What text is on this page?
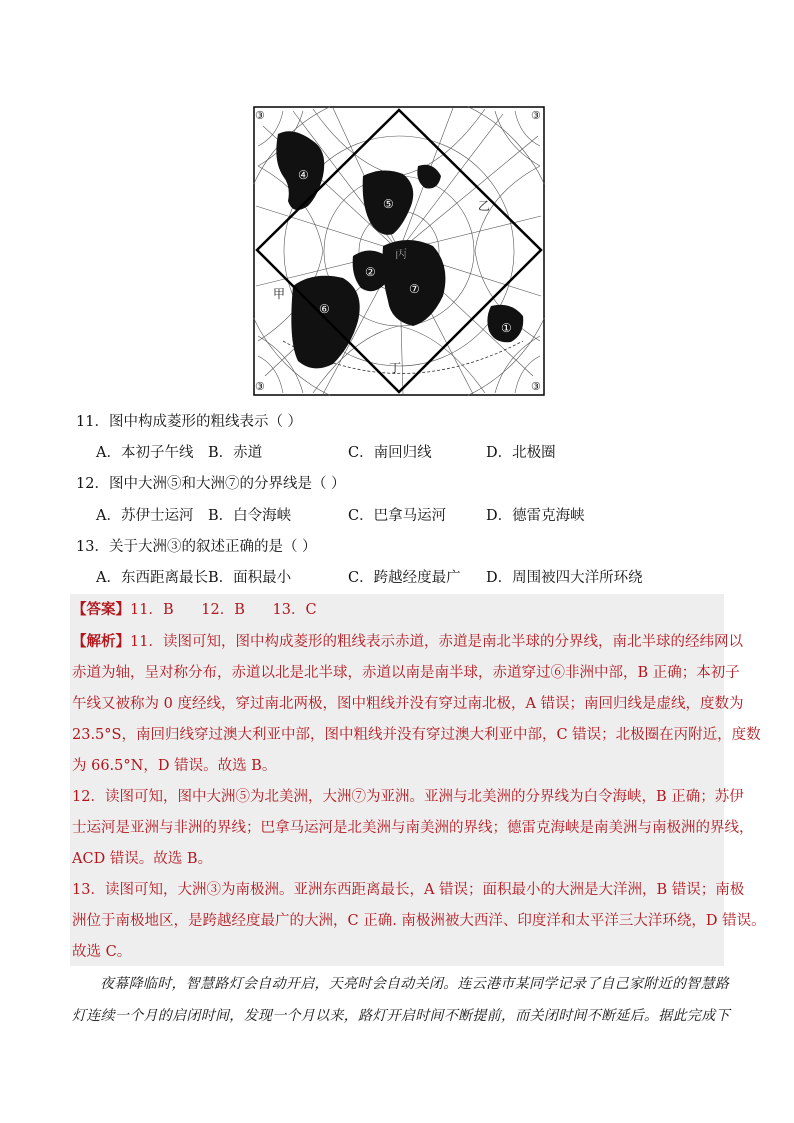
甲
乙
丙
丁
④
⑤
②
⑦
⑥
①
③	③
③	③
11．图中构成菱形的粗线表示（ ）
A．本初子午线 B．赤道	C．南回归线	D．北极圈
12．图中大洲⑤和大洲⑦的分界线是（ ）
A．苏伊士运河 B．白令海峡	C．巴拿马运河	D．德雷克海峡
13．关于大洲③的叙述正确的是（ ）
A．东西距离最长 B．面积最小	C．跨越经度最广 D．周围被四大洋所环绕
【答案】11．B      12．B      13．C
【解析】11．读图可知，图中构成菱形的粗线表示赤道，赤道是南北半球的分界线，南北半球的经纬网以
赤道为轴，呈对称分布，赤道以北是北半球，赤道以南是南半球，赤道穿过⑥非洲中部，B 正确；本初子
午线又被称为 0 度经线，穿过南北两极，图中粗线并没有穿过南北极，A 错误；南回归线是虚线，度数为
23.5°S，南回归线穿过澳大利亚中部，图中粗线并没有穿过澳大利亚中部，C 错误；北极圈在丙附近，度数
为 66.5°N，D 错误。故选 B。
12．读图可知，图中大洲⑤为北美洲，大洲⑦为亚洲。亚洲与北美洲的分界线为白令海峡，B 正确；苏伊
士运河是亚洲与非洲的界线；巴拿马运河是北美洲与南美洲的界线；德雷克海峡是南美洲与南极洲的界线，
ACD 错误。故选 B。
13．读图可知，大洲③为南极洲。亚洲东西距离最长，A 错误；面积最小的大洲是大洋洲，B 错误；南极
洲位于南极地区，是跨越经度最广的大洲，C 正确. 南极洲被大西洋、印度洋和太平洋三大洋环绕，D 错误。
故选 C。
夜幕降临时，智慧路灯会自动开启，天亮时会自动关闭。连云港市某同学记录了自己家附近的智慧路
灯连续一个月的启闭时间，发现一个月以来，路灯开启时间不断提前，而关闭时间不断延后。据此完成下
